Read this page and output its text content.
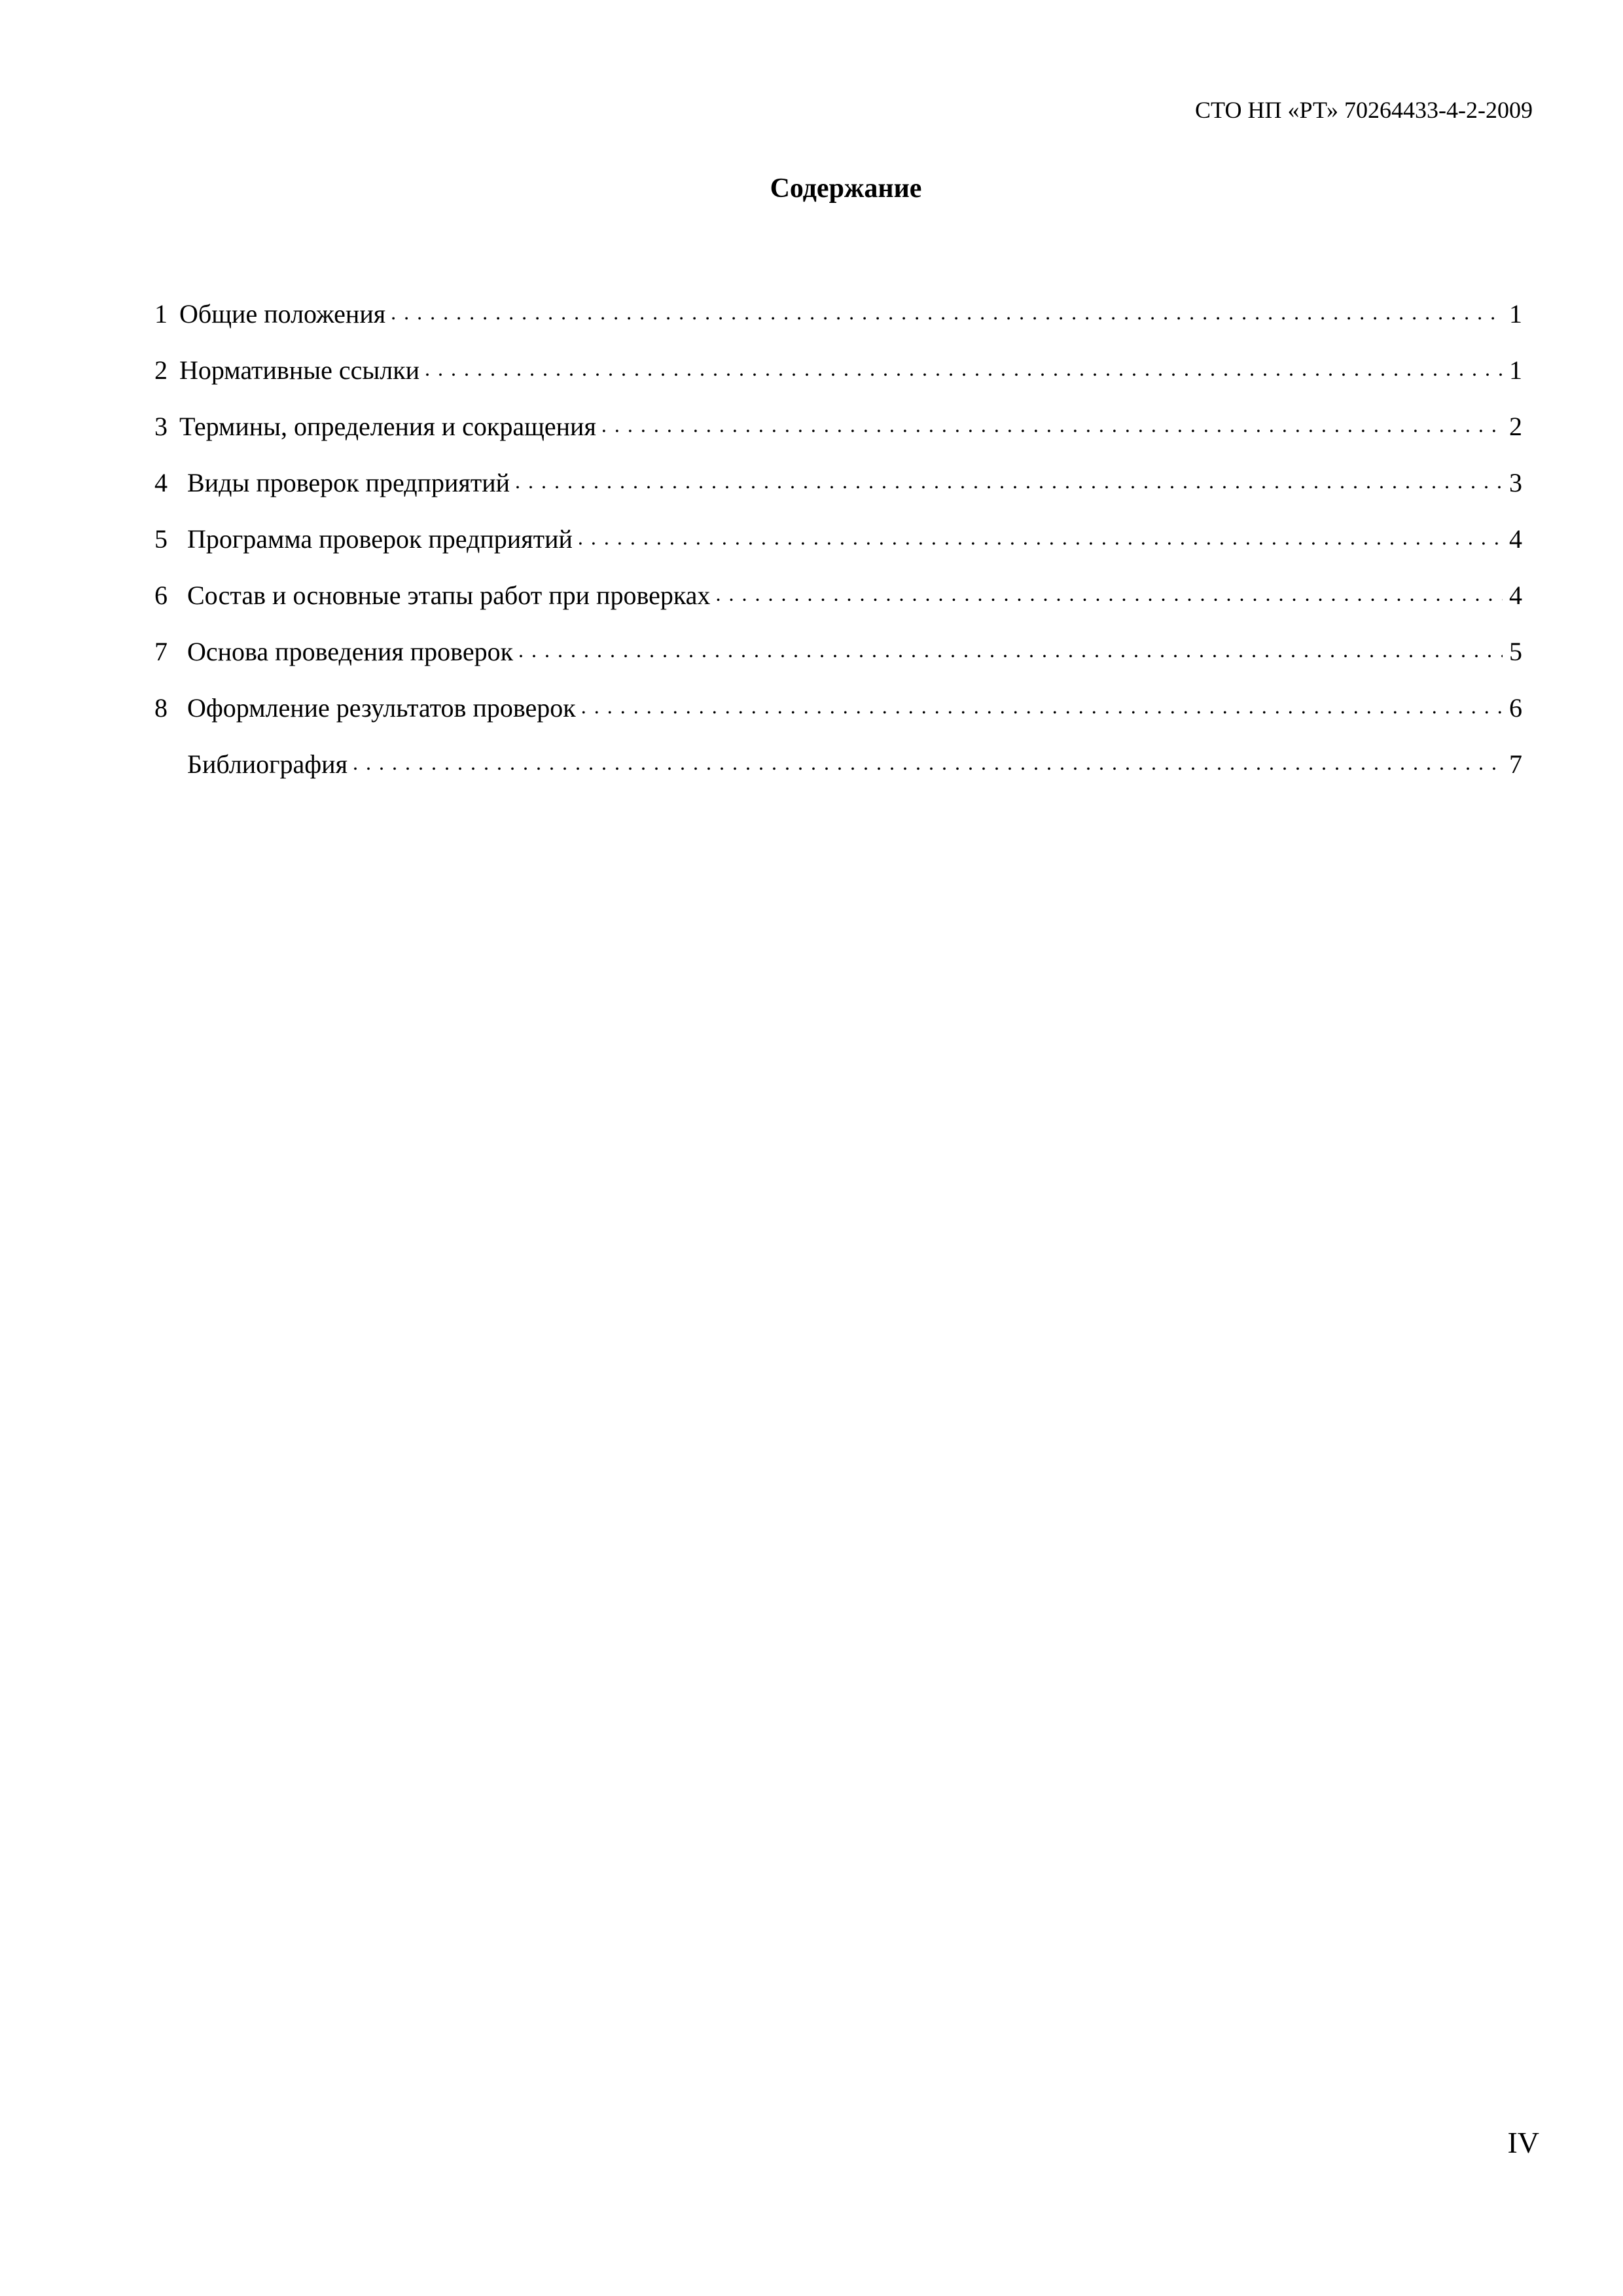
СТО НП «РТ» 70264433-4-2-2009
Содержание
1 Общие положения . . .	1
2 Нормативные ссылки . . .	1
3 Термины, определения и сокращения . . .	2
4 Виды проверок предприятий . . .	3
5 Программа проверок предприятий . . .	4
6 Состав и основные этапы работ при проверках . . .	4
7 Основа проведения проверок . . .	5
8 Оформление результатов проверок . . .	6
Библиография . . .	7
IV
